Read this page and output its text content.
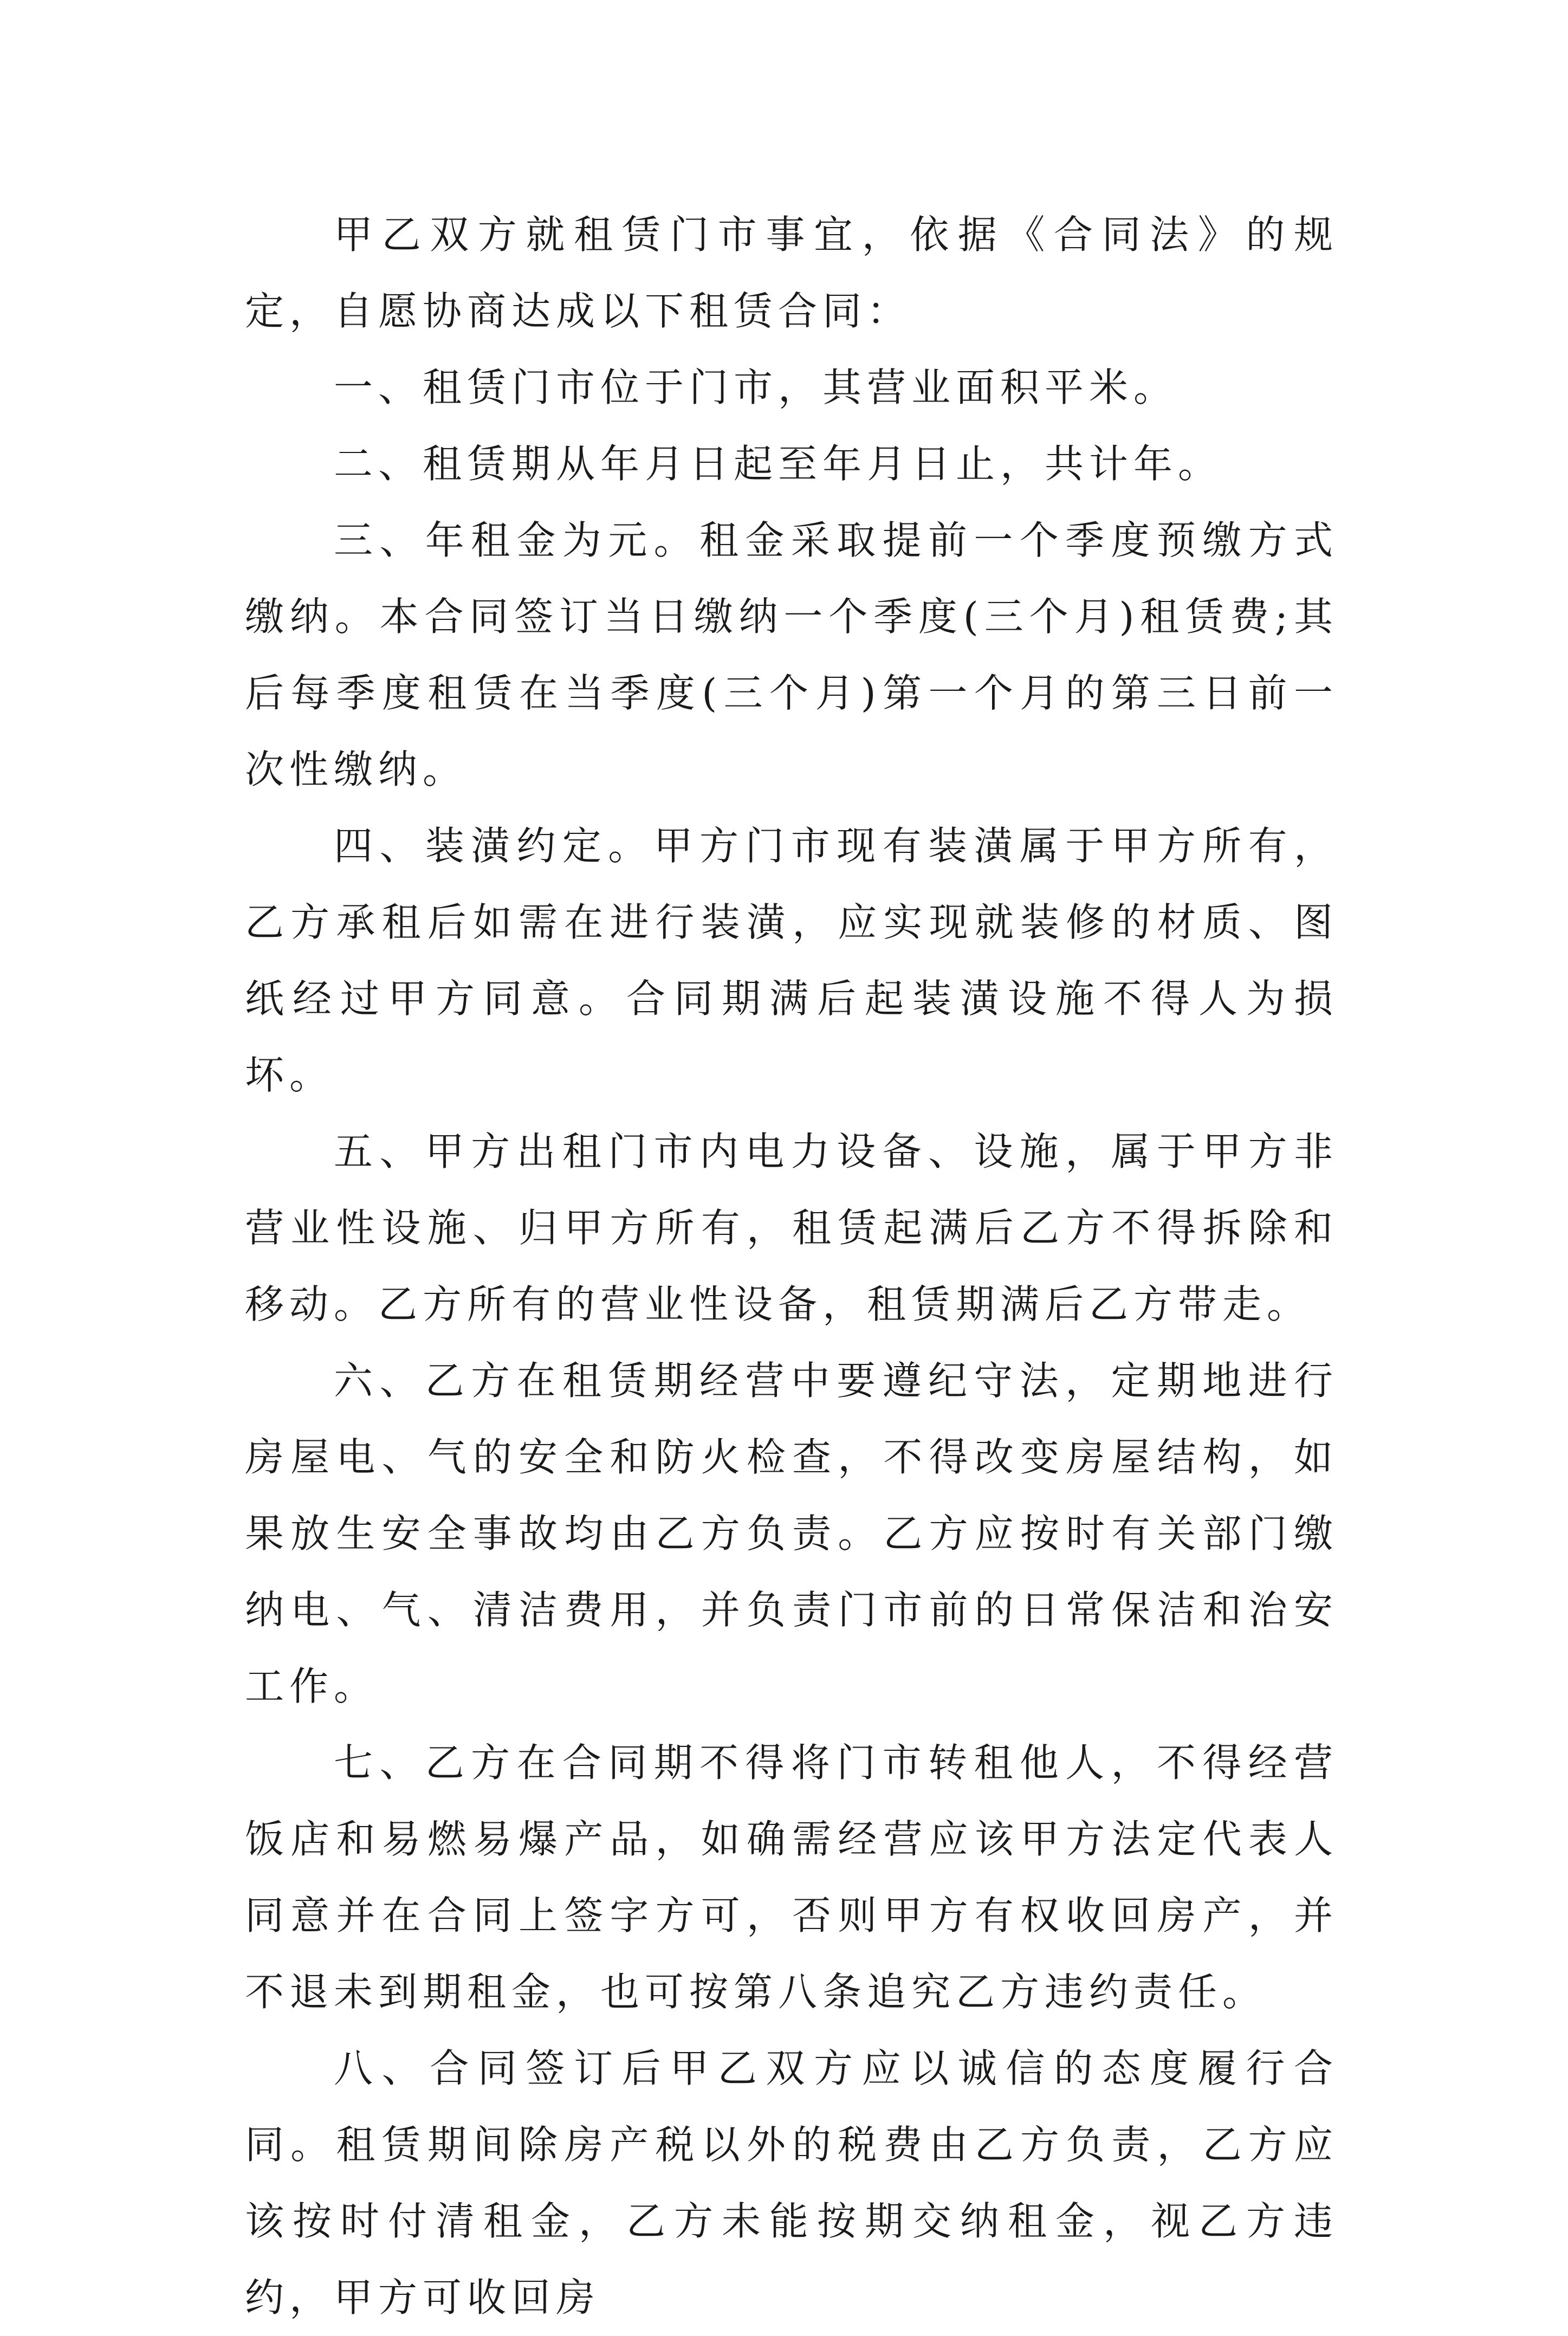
甲乙双方就租赁门市事宜，依据《合同法》的规定，自愿协商达成以下租赁合同：

一、租赁门市位于门市，其营业面积平米。

二、租赁期从年月日起至年月日止，共计年。

三、年租金为元。租金采取提前一个季度预缴方式缴纳。本合同签订当日缴纳一个季度(三个月)租赁费;其后每季度租赁在当季度(三个月)第一个月的第三日前一次性缴纳。

四、装潢约定。甲方门市现有装潢属于甲方所有，乙方承租后如需在进行装潢，应实现就装修的材质、图纸经过甲方同意。合同期满后起装潢设施不得人为损坏。

五、甲方出租门市内电力设备、设施，属于甲方非营业性设施、归甲方所有，租赁起满后乙方不得拆除和移动。乙方所有的营业性设备，租赁期满后乙方带走。

六、乙方在租赁期经营中要遵纪守法，定期地进行房屋电、气的安全和防火检查，不得改变房屋结构，如果放生安全事故均由乙方负责。乙方应按时有关部门缴纳电、气、清洁费用，并负责门市前的日常保洁和治安工作。

七、乙方在合同期不得将门市转租他人，不得经营饭店和易燃易爆产品，如确需经营应该甲方法定代表人同意并在合同上签字方可，否则甲方有权收回房产，并不退未到期租金，也可按第八条追究乙方违约责任。

八、合同签订后甲乙双方应以诚信的态度履行合同。租赁期间除房产税以外的税费由乙方负责，乙方应该按时付清租金，乙方未能按期交纳租金，视乙方违约，甲方可收回房
